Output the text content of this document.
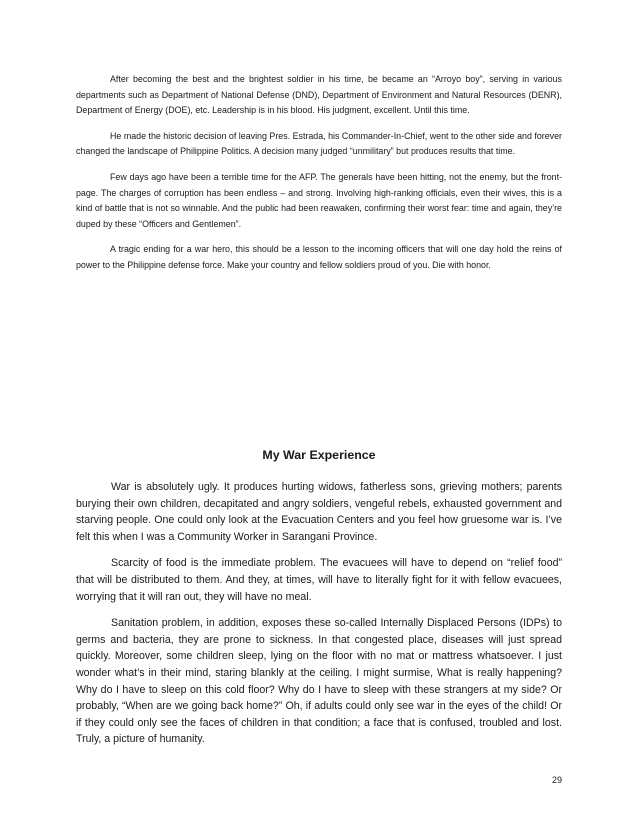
After becoming the best and the brightest soldier in his time, be became an “Arroyo boy”, serving in various departments such as Department of National Defense (DND), Department of Environment and Natural Resources (DENR), Department of Energy (DOE), etc. Leadership is in his blood. His judgment, excellent. Until this time.

He made the historic decision of leaving Pres. Estrada, his Commander-In-Chief, went to the other side and forever changed the landscape of Philippine Politics. A decision many judged “unmilitary” but produces results that time.

Few days ago have been a terrible time for the AFP. The generals have been hitting, not the enemy, but the front-page. The charges of corruption has been endless – and strong. Involving high-ranking officials, even their wives, this is a kind of battle that is not so winnable. And the public had been reawaken, confirming their worst fear: time and again, they’re duped by these “Officers and Gentlemen”.

A tragic ending for a war hero, this should be a lesson to the incoming officers that will one day hold the reins of power to the Philippine defense force. Make your country and fellow soldiers proud of you. Die with honor.

My War Experience

War is absolutely ugly. It produces hurting widows, fatherless sons, grieving mothers; parents burying their own children, decapitated and angry soldiers, vengeful rebels, exhausted government and starving people. One could only look at the Evacuation Centers and you feel how gruesome war is. I’ve felt this when I was a Community Worker in Sarangani Province.

Scarcity of food is the immediate problem. The evacuees will have to depend on “relief food” that will be distributed to them. And they, at times, will have to literally fight for it with fellow evacuees, worrying that it will ran out, they will have no meal.

Sanitation problem, in addition, exposes these so-called Internally Displaced Persons (IDPs) to germs and bacteria, they are prone to sickness. In that congested place, diseases will just spread quickly. Moreover, some children sleep, lying on the floor with no mat or mattress whatsoever. I just wonder what’s in their mind, staring blankly at the ceiling. I might surmise, What is really happening? Why do I have to sleep on this cold floor? Why do I have to sleep with these strangers at my side? Or probably, “When are we going back home?” Oh, if adults could only see war in the eyes of the child! Or if they could only see the faces of children in that condition; a face that is confused, troubled and lost. Truly, a picture of humanity.

29
